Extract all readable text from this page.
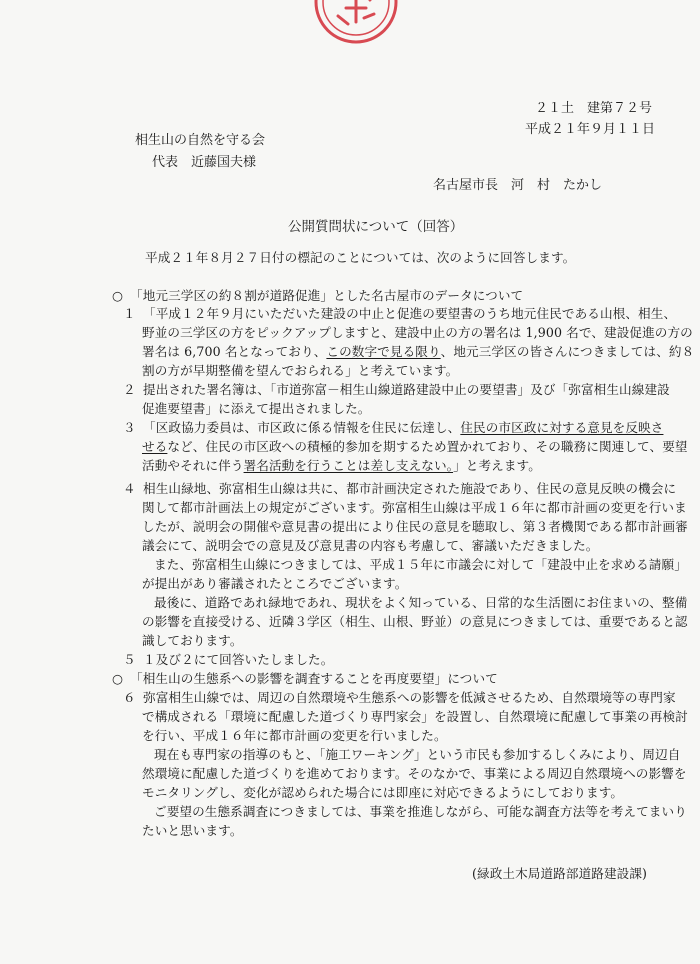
２１土　建第７２号
平成２１年９月１１日
相生山の自然を守る会
代表　近藤国夫様
名古屋市長　河　村　たかし
公開質問状について（回答）
平成２１年８月２７日付の標記のことについては、次のように回答します。
○ 「地元三学区の約８割が道路促進」とした名古屋市のデータについて
１ 「平成１２年９月にいただいた建設の中止と促進の要望書のうち地元住民である山根、相生、
野並の三学区の方をピックアップしますと、建設中止の方の署名は 1,900 名で、建設促進の方の
署名は 6,700 名となっており、この数字で見る限り、地元三学区の皆さんにつきましては、約８
割の方が早期整備を望んでおられる」と考えています。
２ 提出された署名簿は、「市道弥富－相生山線道路建設中止の要望書」及び「弥富相生山線建設
促進要望書」に添えて提出されました。
３ 「区政協力委員は、市区政に係る情報を住民に伝達し、住民の市区政に対する意見を反映さ
せるなど、住民の市区政への積極的参加を期するため置かれており、その職務に関連して、要望
活動やそれに伴う署名活動を行うことは差し支えない。」と考えます。
４ 相生山緑地、弥富相生山線は共に、都市計画決定された施設であり、住民の意見反映の機会に
関して都市計画法上の規定がございます。弥富相生山線は平成１６年に都市計画の変更を行いま
したが、説明会の開催や意見書の提出により住民の意見を聴取し、第３者機関である都市計画審
議会にて、説明会での意見及び意見書の内容も考慮して、審議いただきました。
また、弥富相生山線につきましては、平成１５年に市議会に対して「建設中止を求める請願」
が提出があり審議されたところでございます。
最後に、道路であれ緑地であれ、現状をよく知っている、日常的な生活圏にお住まいの、整備
の影響を直接受ける、近隣３学区（相生、山根、野並）の意見につきましては、重要であると認
識しております。
５ １及び２にて回答いたしました。
○ 「相生山の生態系への影響を調査することを再度要望」について
６ 弥富相生山線では、周辺の自然環境や生態系への影響を低減させるため、自然環境等の専門家
で構成される「環境に配慮した道づくり専門家会」を設置し、自然環境に配慮して事業の再検討
を行い、平成１６年に都市計画の変更を行いました。
現在も専門家の指導のもと、「施工ワーキング」という市民も参加するしくみにより、周辺自
然環境に配慮した道づくりを進めております。そのなかで、事業による周辺自然環境への影響を
モニタリングし、変化が認められた場合には即座に対応できるようにしております。
ご要望の生態系調査につきましては、事業を推進しながら、可能な調査方法等を考えてまいり
たいと思います。
(緑政土木局道路部道路建設課)
